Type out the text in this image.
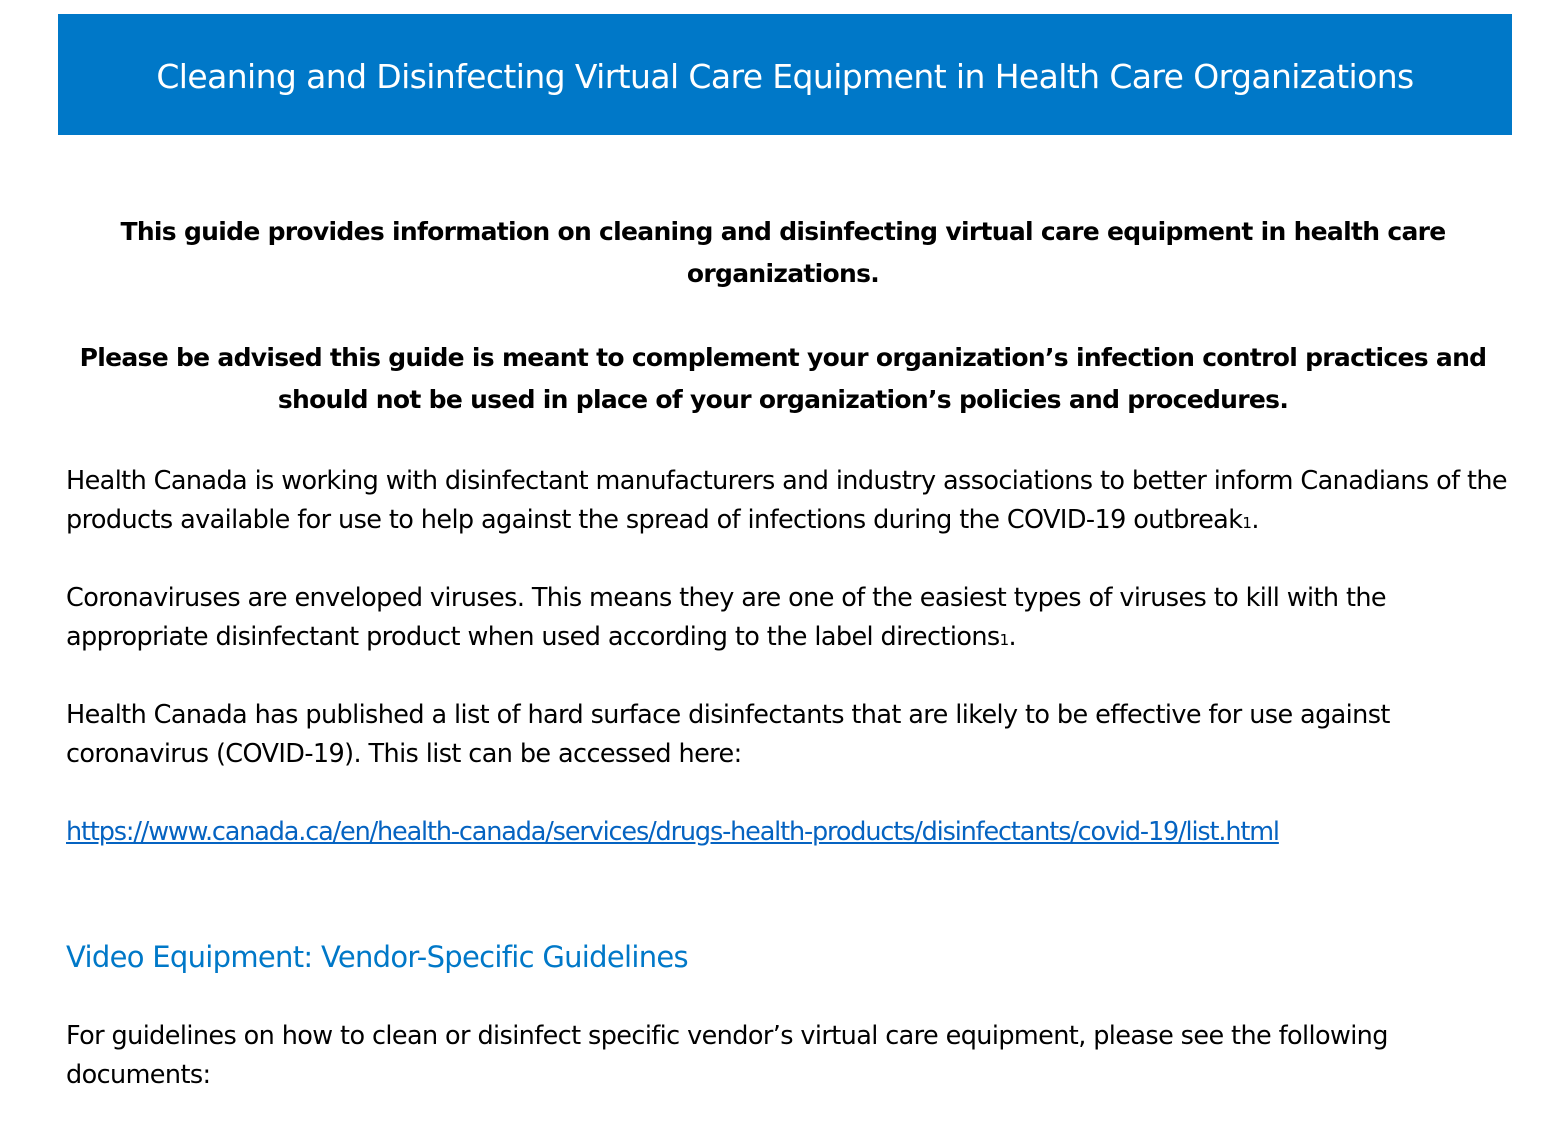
Cleaning and Disinfecting Virtual Care Equipment in Health Care Organizations
This guide provides information on cleaning and disinfecting virtual care equipment in health care
organizations.
Please be advised this guide is meant to complement your organization’s infection control practices and
should not be used in place of your organization’s policies and procedures.
Health Canada is working with disinfectant manufacturers and industry associations to better inform Canadians of the products available for use to help against the spread of infections during the COVID-19 outbreak1.
Coronaviruses are enveloped viruses. This means they are one of the easiest types of viruses to kill with the appropriate disinfectant product when used according to the label directions1.
Health Canada has published a list of hard surface disinfectants that are likely to be effective for use against coronavirus (COVID-19). This list can be accessed here:
https://www.canada.ca/en/health-canada/services/drugs-health-products/disinfectants/covid-19/list.html
Video Equipment: Vendor-Specific Guidelines
For guidelines on how to clean or disinfect specific vendor’s virtual care equipment, please see the following documents:
